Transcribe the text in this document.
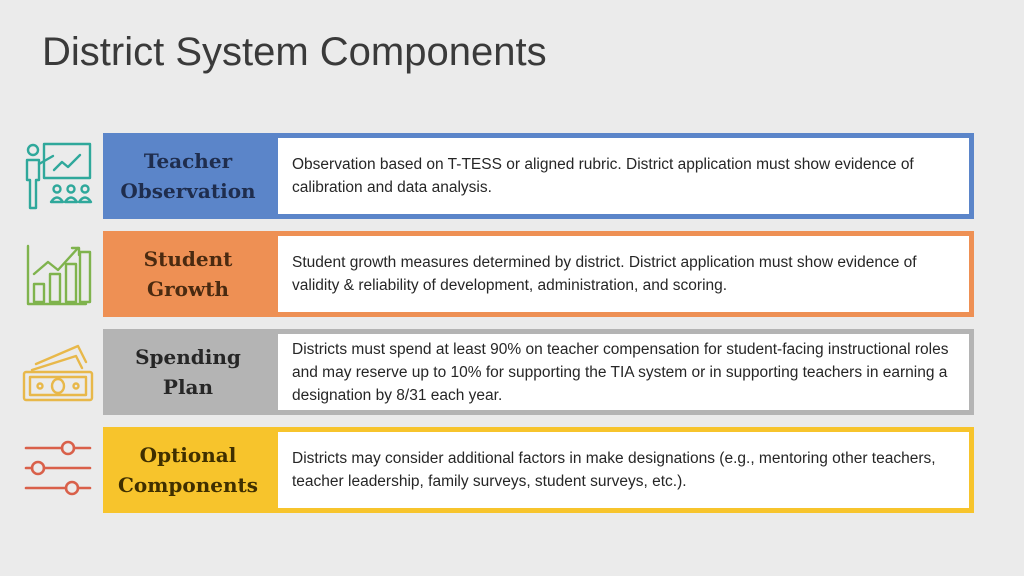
District System Components
Teacher
Observation
Observation based on T-TESS or aligned rubric. District application must show evidence of calibration and data analysis.
Student
Growth
Student growth measures determined by district. District application must show evidence of validity & reliability of development, administration, and scoring.
Spending
Plan
Districts must spend at least 90% on teacher compensation for student-facing instructional roles and may reserve up to 10% for supporting the TIA system or in supporting teachers in earning a designation by 8/31 each year.
Optional
Components
Districts may consider additional factors in make designations (e.g., mentoring other teachers, teacher leadership, family surveys, student surveys, etc.).
